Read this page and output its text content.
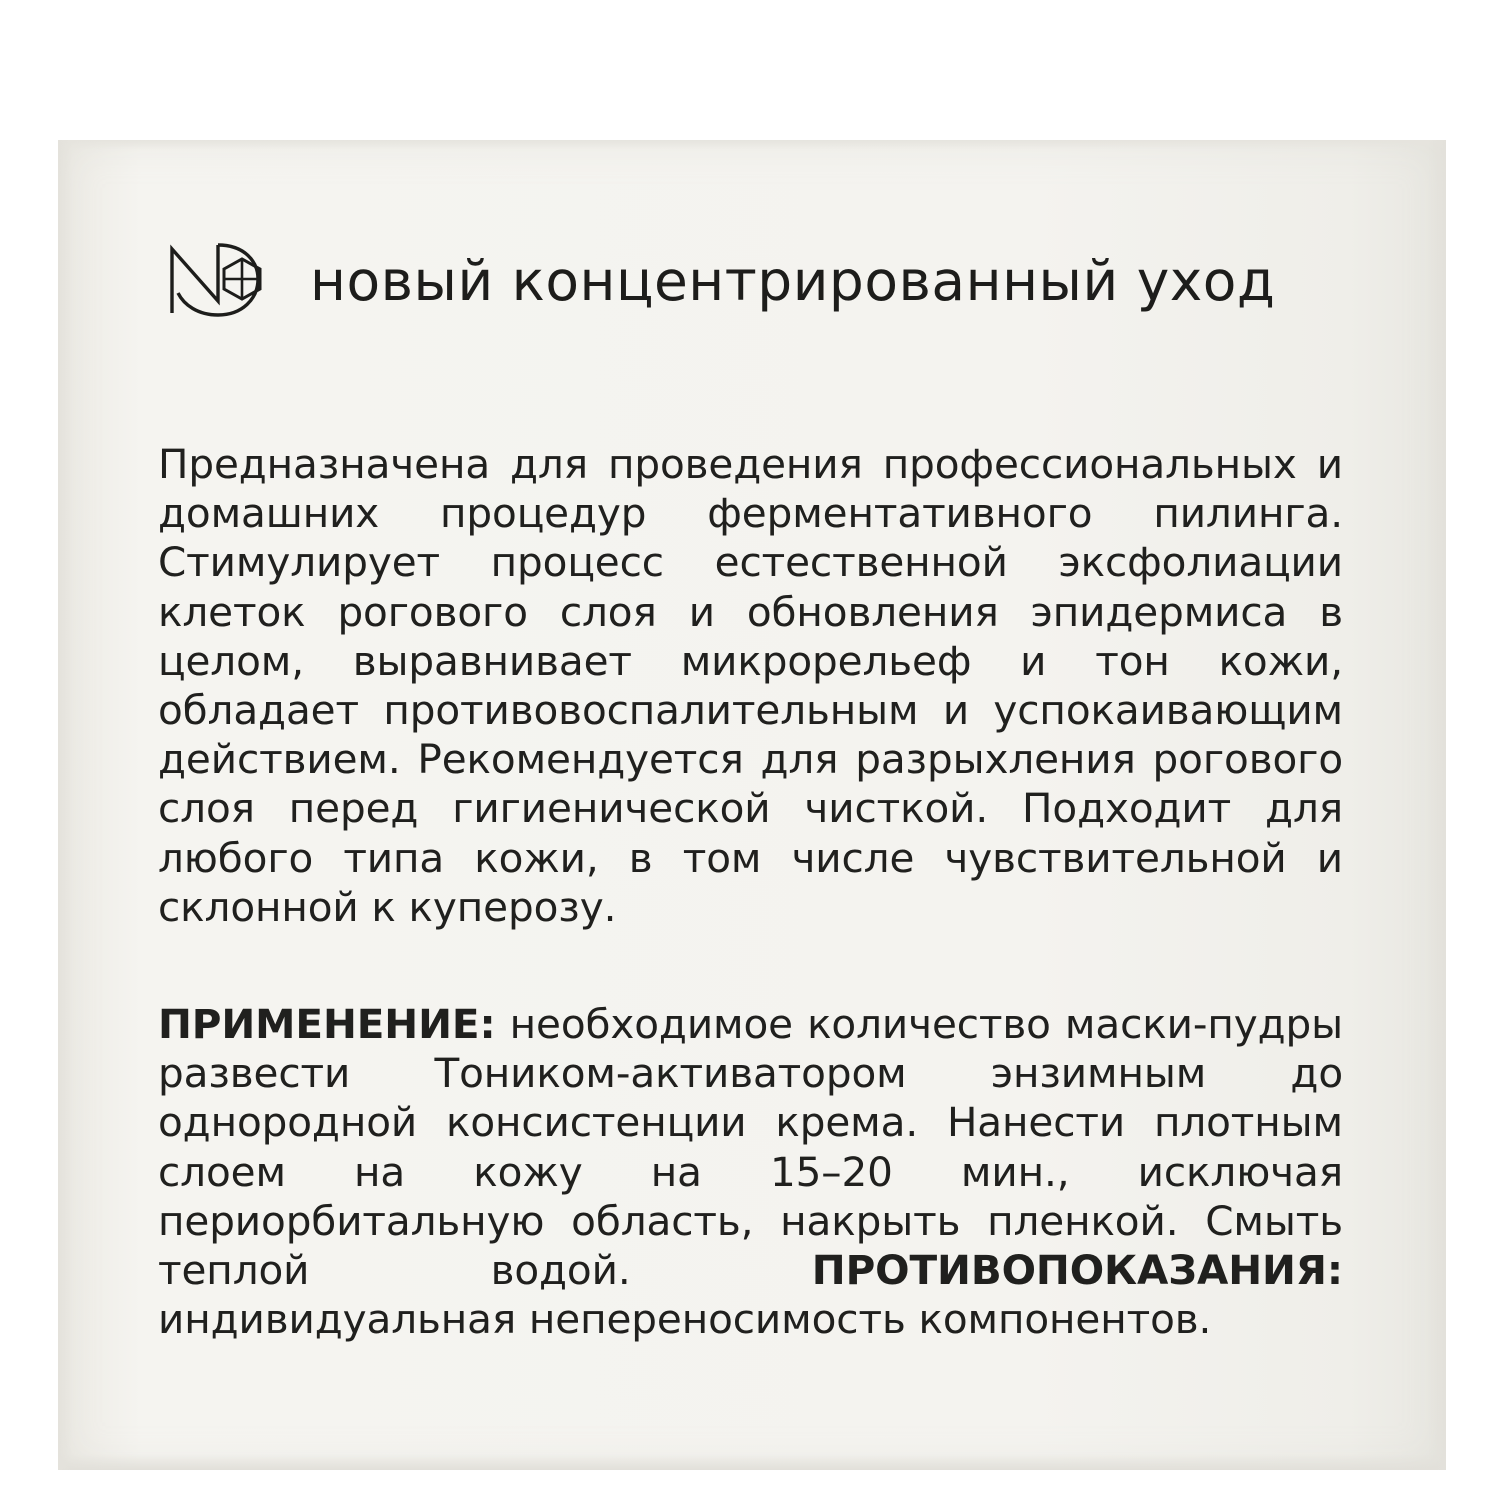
новый концентрированный уход

Предназначена для проведения профессиональных и домашних процедур ферментативного пилинга. Стимулирует процесс естественной эксфолиации клеток рогового слоя и обновления эпидермиса в целом, выравнивает микрорельеф и тон кожи, обладает противовоспалительным и успокаивающим действием. Рекомендуется для разрыхления рогового слоя перед гигиенической чисткой. Подходит для любого типа кожи, в том числе чувствительной и склонной к куперозу.

ПРИМЕНЕНИЕ: необходимое количество маски-пудры развести Тоником-активатором энзимным до однородной консистенции крема. Нанести плотным слоем на кожу на 15–20 мин., исключая периорбитальную область, накрыть пленкой. Смыть теплой водой. ПРОТИВОПОКАЗАНИЯ: индивидуальная непереносимость компонентов.
